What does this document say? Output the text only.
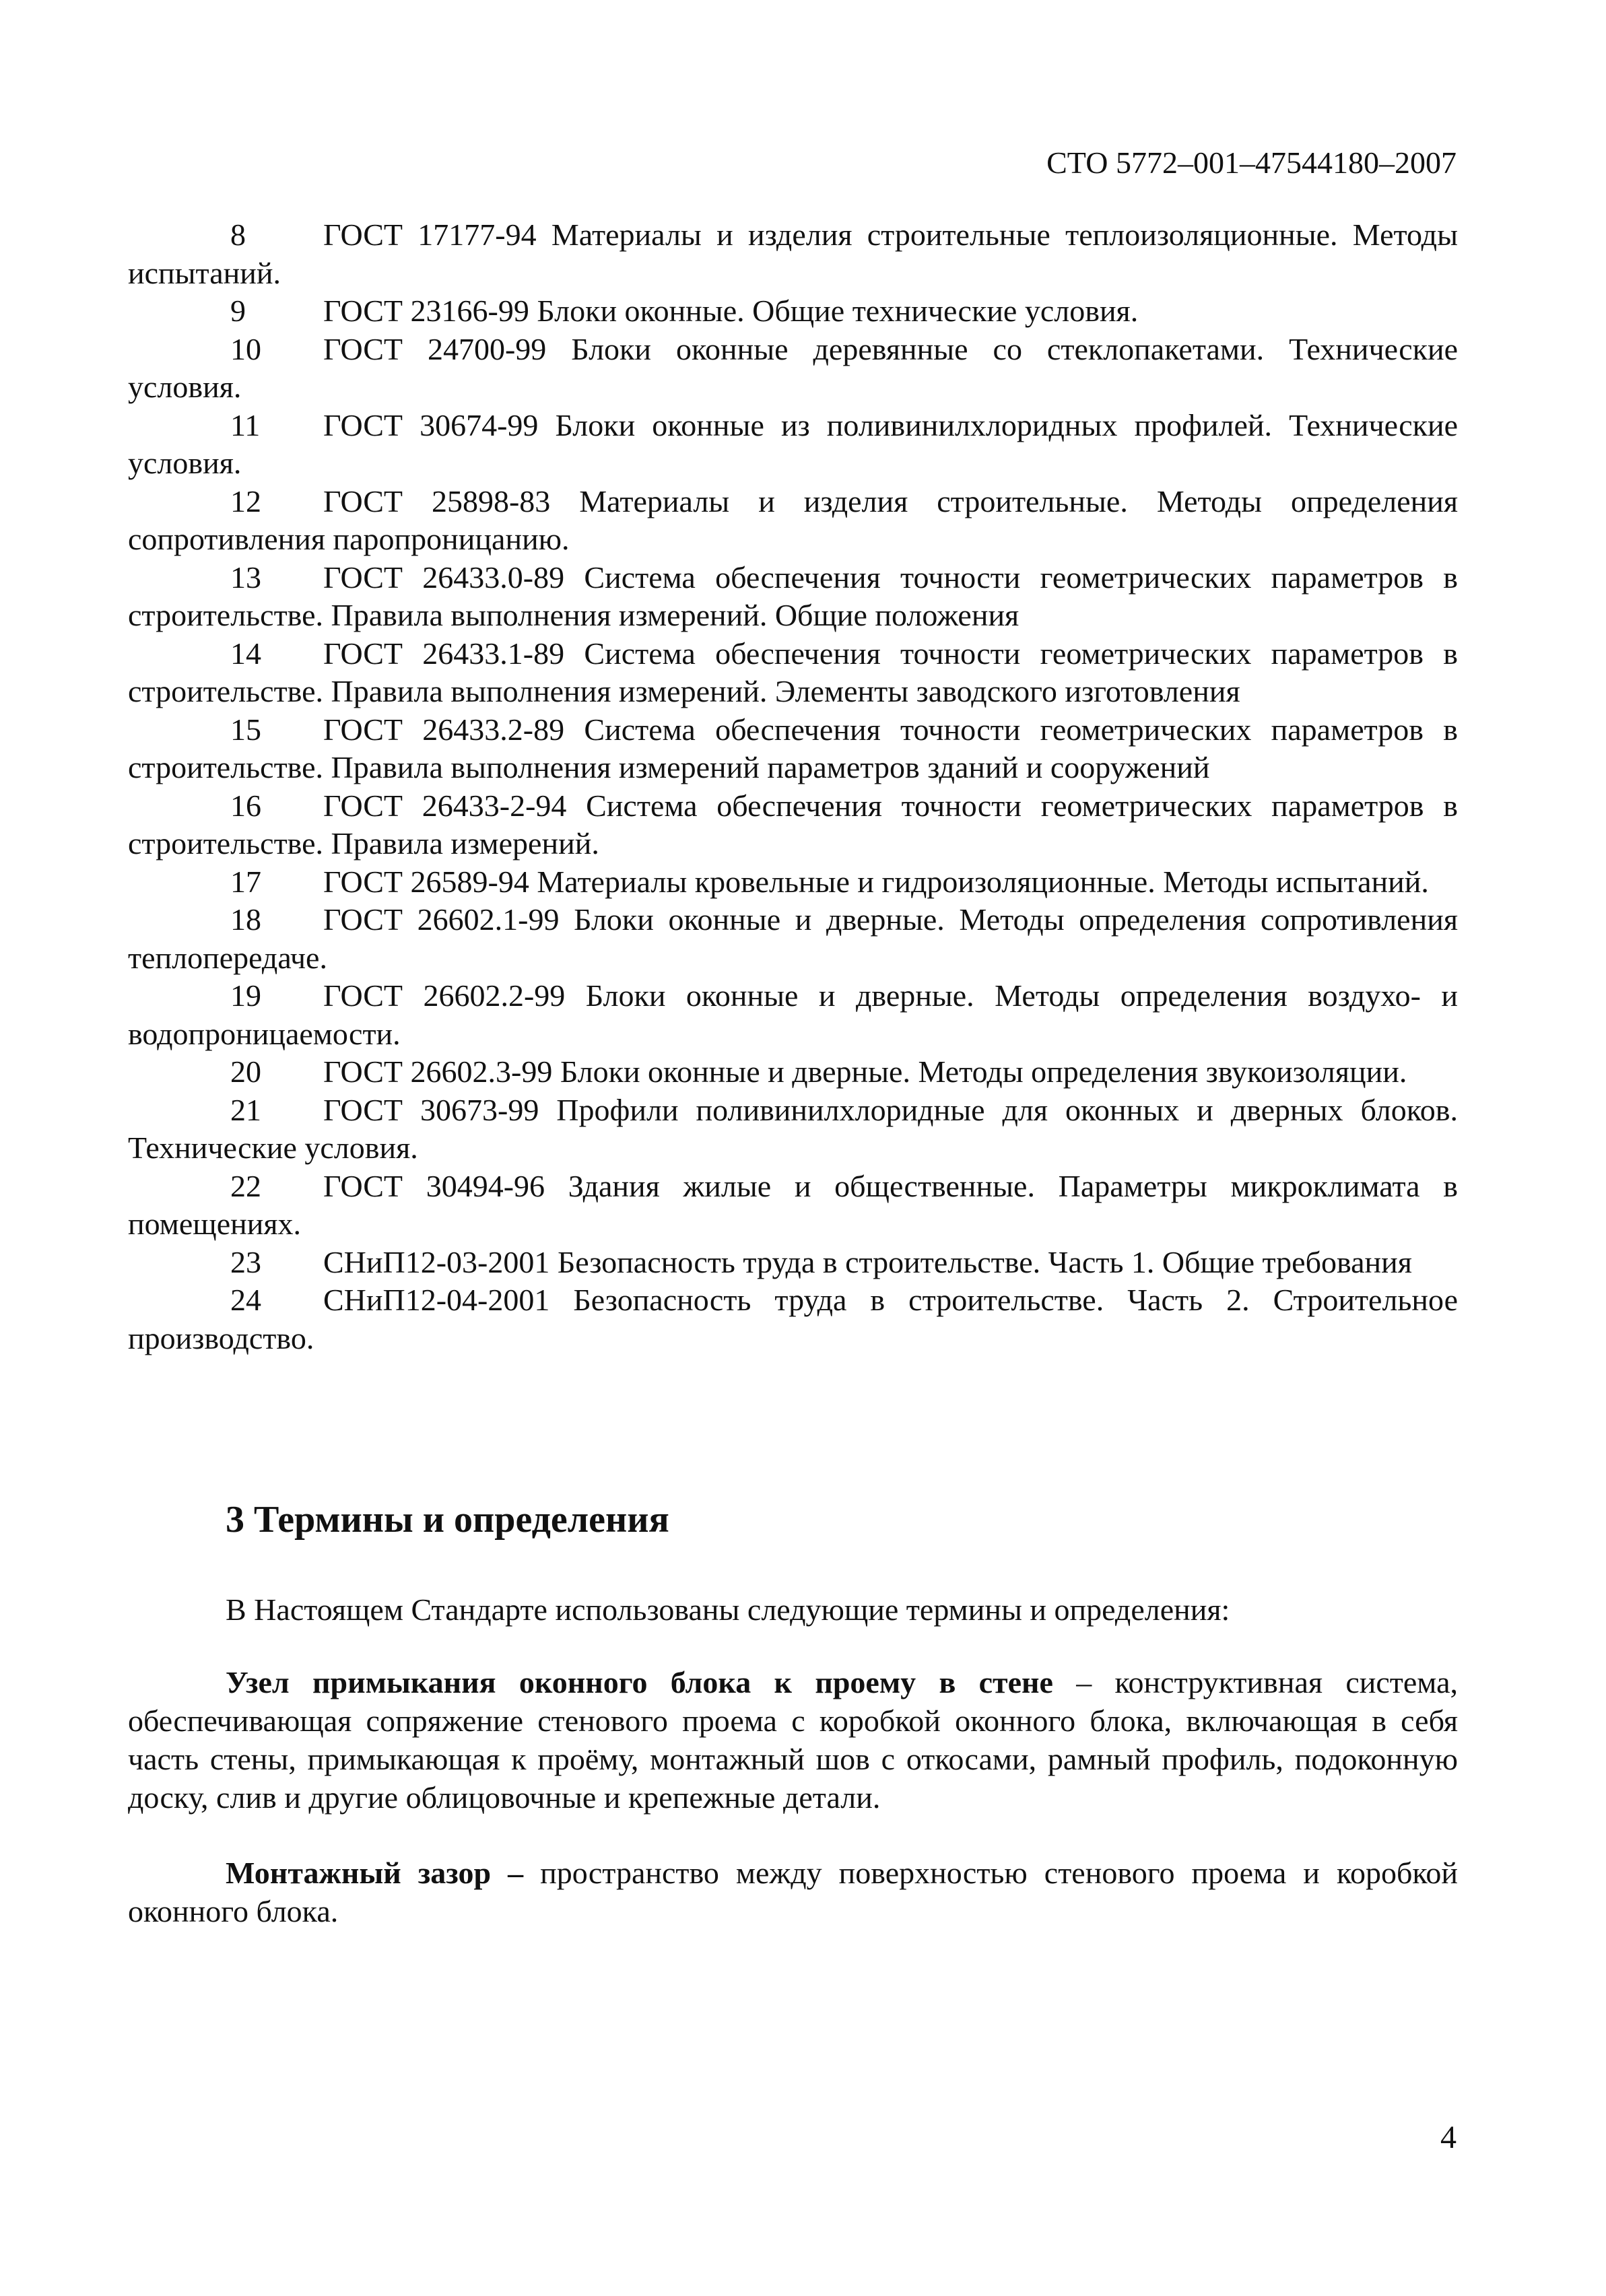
СТО 5772–001–47544180–2007
8	ГОСТ 17177-94 Материалы и изделия строительные теплоизоляционные. Методы испытаний.
9	ГОСТ 23166-99 Блоки оконные. Общие технические условия.
10 ГОСТ 24700-99 Блоки оконные деревянные со стеклопакетами. Технические условия.
11 ГОСТ 30674-99 Блоки оконные из поливинилхлоридных профилей. Технические условия.
12 ГОСТ 25898-83 Материалы и изделия строительные. Методы определения сопротивления паропроницанию.
13 ГОСТ 26433.0-89 Система обеспечения точности геометрических параметров в строительстве. Правила выполнения измерений. Общие положения
14 ГОСТ 26433.1-89 Система обеспечения точности геометрических параметров в строительстве. Правила выполнения измерений. Элементы заводского изготовления
15 ГОСТ 26433.2-89 Система обеспечения точности геометрических параметров в строительстве. Правила выполнения измерений параметров зданий и сооружений
16 ГОСТ 26433-2-94 Система обеспечения точности геометрических параметров в строительстве. Правила измерений.
17 ГОСТ 26589-94 Материалы кровельные и гидроизоляционные. Методы испытаний.
18 ГОСТ 26602.1-99 Блоки оконные и дверные. Методы определения сопротивления теплопередаче.
19 ГОСТ 26602.2-99 Блоки оконные и дверные. Методы определения воздухо- и водопроницаемости.
20 ГОСТ 26602.3-99 Блоки оконные и дверные. Методы определения звукоизоляции.
21 ГОСТ 30673-99 Профили поливинилхлоридные для оконных и дверных блоков. Технические условия.
22 ГОСТ 30494-96 Здания жилые и общественные. Параметры микроклимата в помещениях.
23 СНиП12-03-2001 Безопасность труда в строительстве. Часть 1. Общие требования
24 СНиП12-04-2001 Безопасность труда в строительстве. Часть 2. Строительное производство.
3 Термины и определения
В Настоящем Стандарте использованы следующие термины и определения:
Узел примыкания оконного блока к проему в стене – конструктивная система, обеспечивающая сопряжение стенового проема с коробкой оконного блока, включающая в себя часть стены, примыкающая к проёму, монтажный шов с откосами, рамный профиль, подоконную доску, слив и другие облицовочные и крепежные детали.
Монтажный зазор – пространство между поверхностью стенового проема и коробкой оконного блока.
4
